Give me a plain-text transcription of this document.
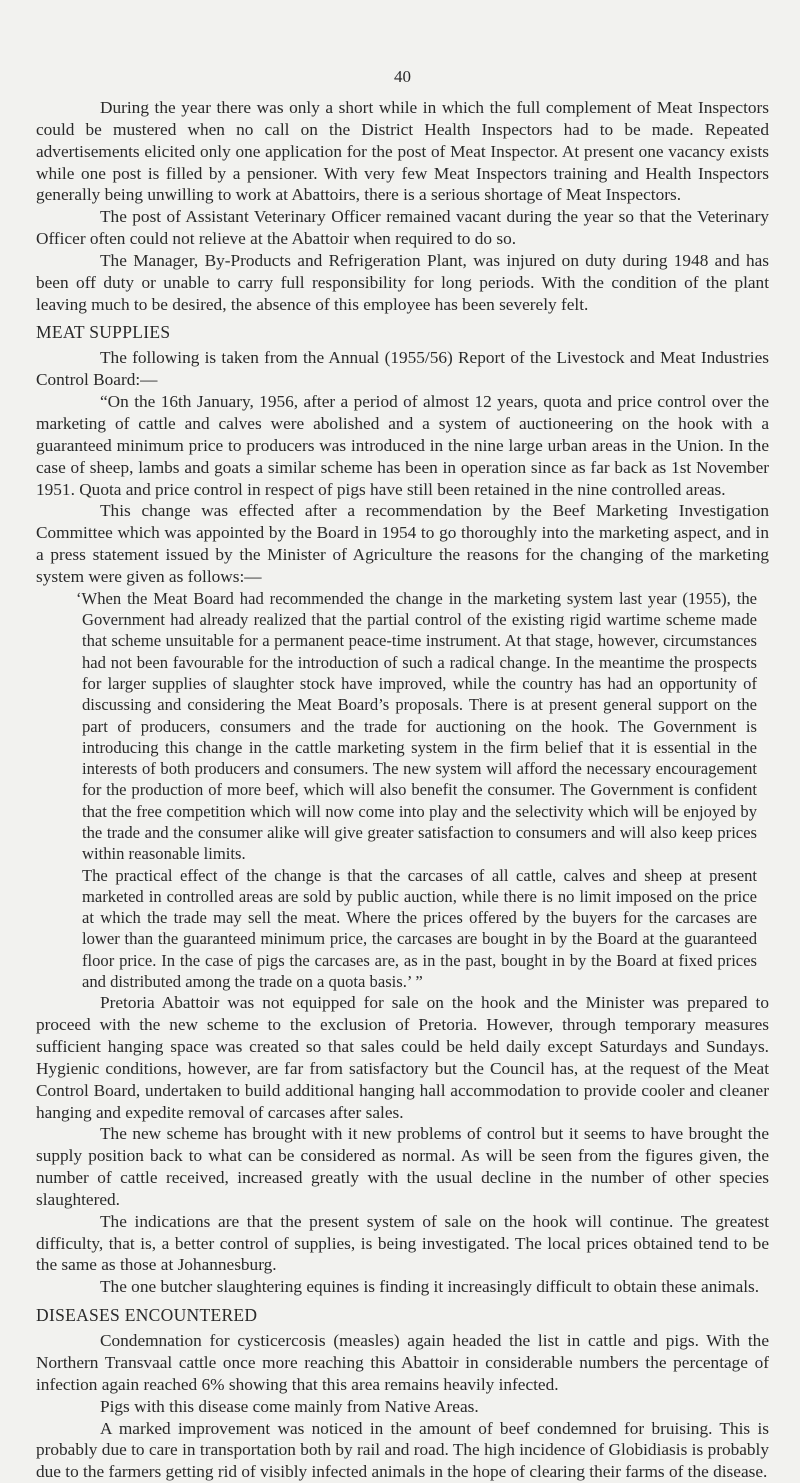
40

During the year there was only a short while in which the full complement of Meat Inspectors could be mustered when no call on the District Health Inspectors had to be made. Repeated advertisements elicited only one application for the post of Meat Inspector. At present one vacancy exists while one post is filled by a pensioner. With very few Meat Inspectors training and Health Inspectors generally being unwilling to work at Abattoirs, there is a serious shortage of Meat Inspectors.

The post of Assistant Veterinary Officer remained vacant during the year so that the Veterinary Officer often could not relieve at the Abattoir when required to do so.

The Manager, By-Products and Refrigeration Plant, was injured on duty during 1948 and has been off duty or unable to carry full responsibility for long periods. With the condition of the plant leaving much to be desired, the absence of this employee has been severely felt.

MEAT SUPPLIES

The following is taken from the Annual (1955/56) Report of the Livestock and Meat Industries Control Board:—

“On the 16th January, 1956, after a period of almost 12 years, quota and price control over the marketing of cattle and calves were abolished and a system of auctioneering on the hook with a guaranteed minimum price to producers was introduced in the nine large urban areas in the Union. In the case of sheep, lambs and goats a similar scheme has been in operation since as far back as 1st November 1951. Quota and price control in respect of pigs have still been retained in the nine controlled areas.

This change was effected after a recommendation by the Beef Marketing Investigation Committee which was appointed by the Board in 1954 to go thoroughly into the marketing aspect, and in a press statement issued by the Minister of Agriculture the reasons for the changing of the marketing system were given as follows:—

‘When the Meat Board had recommended the change in the marketing system last year (1955), the Government had already realized that the partial control of the existing rigid wartime scheme made that scheme unsuitable for a permanent peace-time instrument. At that stage, however, circumstances had not been favourable for the introduction of such a radical change. In the meantime the prospects for larger supplies of slaughter stock have improved, while the country has had an opportunity of discussing and considering the Meat Board’s proposals. There is at present general support on the part of producers, consumers and the trade for auctioning on the hook. The Government is introducing this change in the cattle marketing system in the firm belief that it is essential in the interests of both producers and consumers. The new system will afford the necessary encouragement for the production of more beef, which will also benefit the consumer. The Government is confident that the free competition which will now come into play and the selectivity which will be enjoyed by the trade and the consumer alike will give greater satisfaction to consumers and will also keep prices within reasonable limits.

The practical effect of the change is that the carcases of all cattle, calves and sheep at present marketed in controlled areas are sold by public auction, while there is no limit imposed on the price at which the trade may sell the meat. Where the prices offered by the buyers for the carcases are lower than the guaranteed minimum price, the carcases are bought in by the Board at the guaranteed floor price. In the case of pigs the carcases are, as in the past, bought in by the Board at fixed prices and distributed among the trade on a quota basis.’ ”

Pretoria Abattoir was not equipped for sale on the hook and the Minister was prepared to proceed with the new scheme to the exclusion of Pretoria. However, through temporary measures sufficient hanging space was created so that sales could be held daily except Saturdays and Sundays. Hygienic conditions, however, are far from satisfactory but the Council has, at the request of the Meat Control Board, undertaken to build additional hanging hall accommodation to provide cooler and cleaner hanging and expedite removal of carcases after sales.

The new scheme has brought with it new problems of control but it seems to have brought the supply position back to what can be considered as normal. As will be seen from the figures given, the number of cattle received, increased greatly with the usual decline in the number of other species slaughtered.

The indications are that the present system of sale on the hook will continue. The greatest difficulty, that is, a better control of supplies, is being investigated. The local prices obtained tend to be the same as those at Johannesburg.

The one butcher slaughtering equines is finding it increasingly difficult to obtain these animals.

DISEASES ENCOUNTERED

Condemnation for cysticercosis (measles) again headed the list in cattle and pigs. With the Northern Transvaal cattle once more reaching this Abattoir in considerable numbers the percentage of infection again reached 6% showing that this area remains heavily infected.

Pigs with this disease come mainly from Native Areas.

A marked improvement was noticed in the amount of beef condemned for bruising. This is probably due to care in transportation both by rail and road. The high incidence of Globidiasis is probably due to the farmers getting rid of visibly infected animals in the hope of clearing their farms of the disease.
